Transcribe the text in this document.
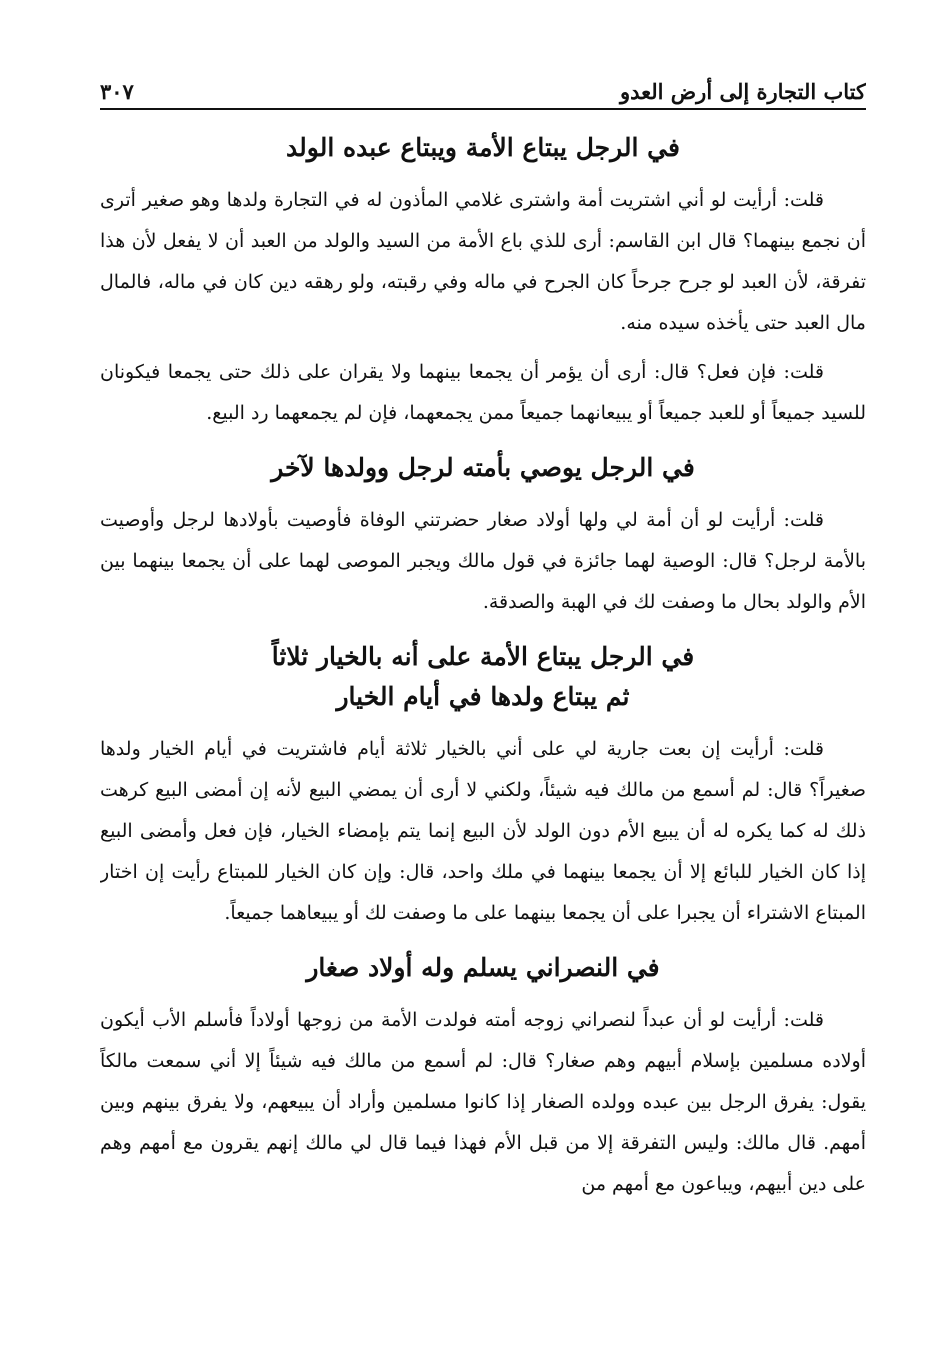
كتاب التجارة إلى أرض العدو
٣٠٧
في الرجل يبتاع الأمة ويبتاع عبده الولد

قلت: أرأيت لو أني اشتريت أمة واشترى غلامي المأذون له في التجارة ولدها وهو صغير أترى أن نجمع بينهما؟ قال ابن القاسم: أرى للذي باع الأمة من السيد والولد من العبد أن لا يفعل لأن هذا تفرقة، لأن العبد لو جرح جرحاً كان الجرح في ماله وفي رقبته، ولو رهقه دين كان في ماله، فالمال مال العبد حتى يأخذه سيده منه.

قلت: فإن فعل؟ قال: أرى أن يؤمر أن يجمعا بينهما ولا يقران على ذلك حتى يجمعا فيكونان للسيد جميعاً أو للعبد جميعاً أو يبيعانهما جميعاً ممن يجمعهما، فإن لم يجمعهما رد البيع.

في الرجل يوصي بأمته لرجل وولدها لآخر

قلت: أرأيت لو أن أمة لي ولها أولاد صغار حضرتني الوفاة فأوصيت بأولادها لرجل وأوصيت بالأمة لرجل؟ قال: الوصية لهما جائزة في قول مالك ويجبر الموصى لهما على أن يجمعا بينهما بين الأم والولد بحال ما وصفت لك في الهبة والصدقة.

في الرجل يبتاع الأمة على أنه بالخيار ثلاثاً
ثم يبتاع ولدها في أيام الخيار

قلت: أرأيت إن بعت جارية لي على أني بالخيار ثلاثة أيام فاشتريت في أيام الخيار ولدها صغيراً؟ قال: لم أسمع من مالك فيه شيئاً، ولكني لا أرى أن يمضي البيع لأنه إن أمضى البيع كرهت ذلك له كما يكره له أن يبيع الأم دون الولد لأن البيع إنما يتم بإمضاء الخيار، فإن فعل وأمضى البيع إذا كان الخيار للبائع إلا أن يجمعا بينهما في ملك واحد، قال: وإن كان الخيار للمبتاع رأيت إن اختار المبتاع الاشتراء أن يجبرا على أن يجمعا بينهما على ما وصفت لك أو يبيعاهما جميعاً.

في النصراني يسلم وله أولاد صغار

قلت: أرأيت لو أن عبداً لنصراني زوجه أمته فولدت الأمة من زوجها أولاداً فأسلم الأب أيكون أولاده مسلمين بإسلام أبيهم وهم صغار؟ قال: لم أسمع من مالك فيه شيئاً إلا أني سمعت مالكاً يقول: يفرق الرجل بين عبده وولده الصغار إذا كانوا مسلمين وأراد أن يبيعهم، ولا يفرق بينهم وبين أمهم. قال مالك: وليس التفرقة إلا من قبل الأم فهذا فيما قال لي مالك إنهم يقرون مع أمهم وهم على دين أبيهم، ويباعون مع أمهم من
